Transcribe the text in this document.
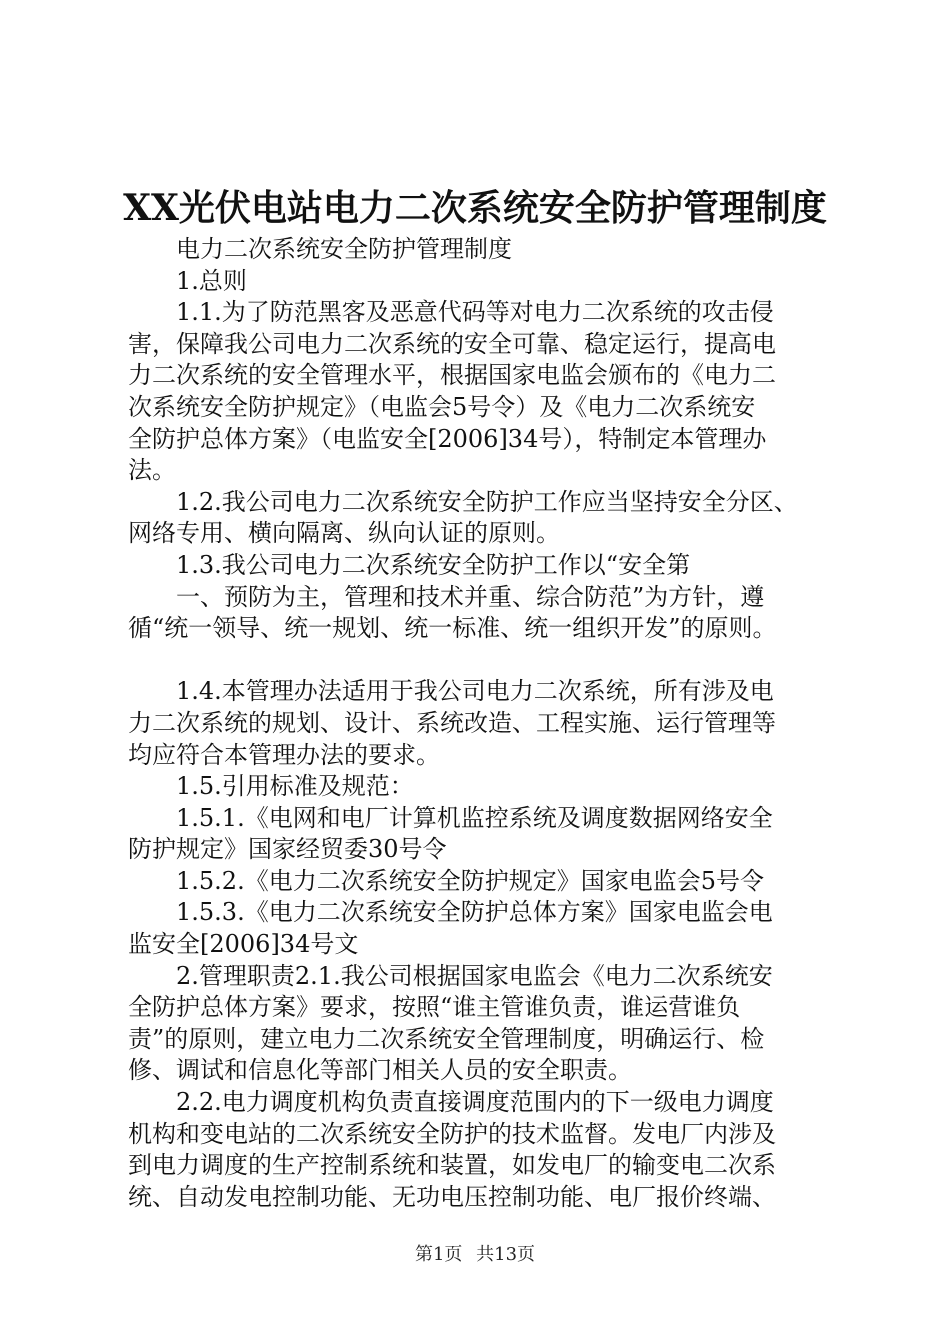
XX光伏电站电力二次系统安全防护管理制度
电力二次系统安全防护管理制度
1.总则
1.1.为了防范黑客及恶意代码等对电力二次系统的攻击侵
害，保障我公司电力二次系统的安全可靠、稳定运行，提高电
力二次系统的安全管理水平，根据国家电监会颁布的《电力二
次系统安全防护规定》（电监会5号令）及《电力二次系统安
全防护总体方案》（电监安全[2006]34号），特制定本管理办
法。
1.2.我公司电力二次系统安全防护工作应当坚持安全分区、
网络专用、横向隔离、纵向认证的原则。
1.3.我公司电力二次系统安全防护工作以“安全第
一、预防为主，管理和技术并重、综合防范”为方针，遵
循“统一领导、统一规划、统一标准、统一组织开发”的原则。
1.4.本管理办法适用于我公司电力二次系统，所有涉及电
力二次系统的规划、设计、系统改造、工程实施、运行管理等
均应符合本管理办法的要求。
1.5.引用标准及规范：
1.5.1.《电网和电厂计算机监控系统及调度数据网络安全
防护规定》国家经贸委30号令
1.5.2.《电力二次系统安全防护规定》国家电监会5号令
1.5.3.《电力二次系统安全防护总体方案》国家电监会电
监安全[2006]34号文
2.管理职责2.1.我公司根据国家电监会《电力二次系统安
全防护总体方案》要求，按照“谁主管谁负责，谁运营谁负
责”的原则，建立电力二次系统安全管理制度，明确运行、检
修、调试和信息化等部门相关人员的安全职责。
2.2.电力调度机构负责直接调度范围内的下一级电力调度
机构和变电站的二次系统安全防护的技术监督。发电厂内涉及
到电力调度的生产控制系统和装置，如发电厂的输变电二次系
统、自动发电控制功能、无功电压控制功能、电厂报价终端、
第1页 共13页
